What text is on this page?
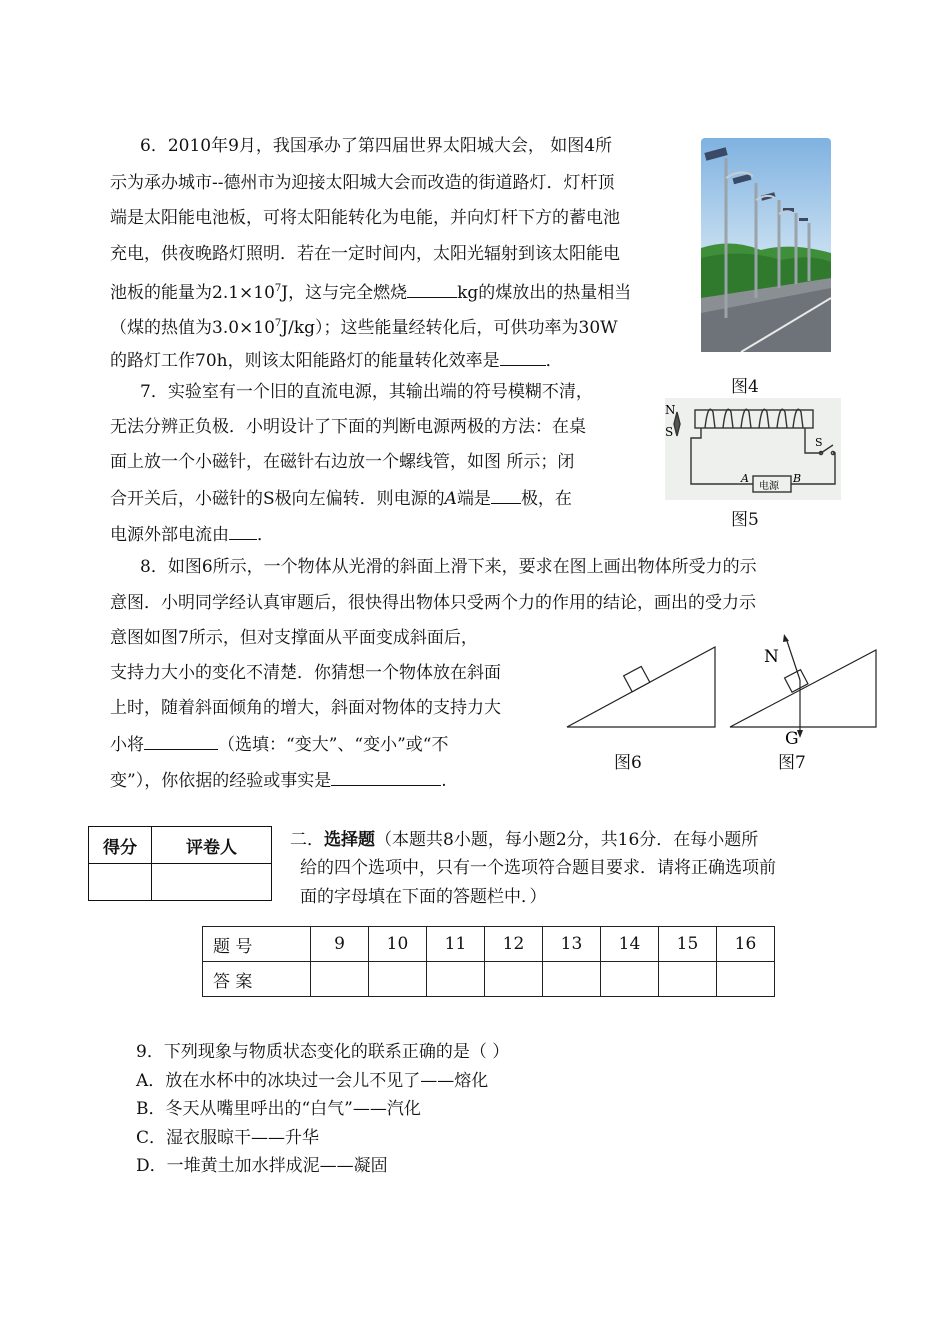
6．2010年9月，我国承办了第四届世界太阳城大会， 如图4所
示为承办城市--德州市为迎接太阳城大会而改造的街道路灯．灯杆顶
端是太阳能电池板，可将太阳能转化为电能，并向灯杆下方的蓄电池
充电，供夜晚路灯照明．若在一定时间内，太阳光辐射到该太阳能电
池板的能量为$2.1\times 10^7J$，这与完全燃烧	kg的煤放出的热量相当
（煤的热值为$3.0\times 10^7J/kg$）；这些能量经转化后，可供功率为30W
的路灯工作70h，则该太阳能路灯的能量转化效率是	．
图4
7．实验室有一个旧的直流电源，其输出端的符号模糊不清，
无法分辨正负极．小明设计了下面的判断电源两极的方法：在桌
面上放一个小磁针，在磁针右边放一个螺线管，如图 所示；闭
合开关后，小磁针的S极向左偏转．则电源的A端是 极，在
电源外部电流由 ．
N
S
S
A	B
电源
图5
8．如图6所示，一个物体从光滑的斜面上滑下来，要求在图上画出物体所受力的示
意图．小明同学经认真审题后，很快得出物体只受两个力的作用的结论，画出的受力示
意图如图7所示，但对支撑面从平面变成斜面后，
支持力大小的变化不清楚．你猜想一个物体放在斜面
上时，随着斜面倾角的增大，斜面对物体的支持力大
小将	（选填：“变大”、“变小”或“不
变”），你依据的经验或事实是	.
图6
N
G
图7
得分	评卷人
		二．选择题（本题共8小题，每小题2分，共16分．在每小题所
给的四个选项中，只有一个选项符合题目要求．请将正确选项前
面的字母填在下面的答题栏中．）
题 号	9	10	11	12	13	14	15	16
答 案								
9．下列现象与物质状态变化的联系正确的是（ ）
A．放在水杯中的冰块过一会儿不见了——熔化
B．冬天从嘴里呼出的“白气”——汽化
C．湿衣服晾干——升华
D．一堆黄土加水拌成泥——凝固
